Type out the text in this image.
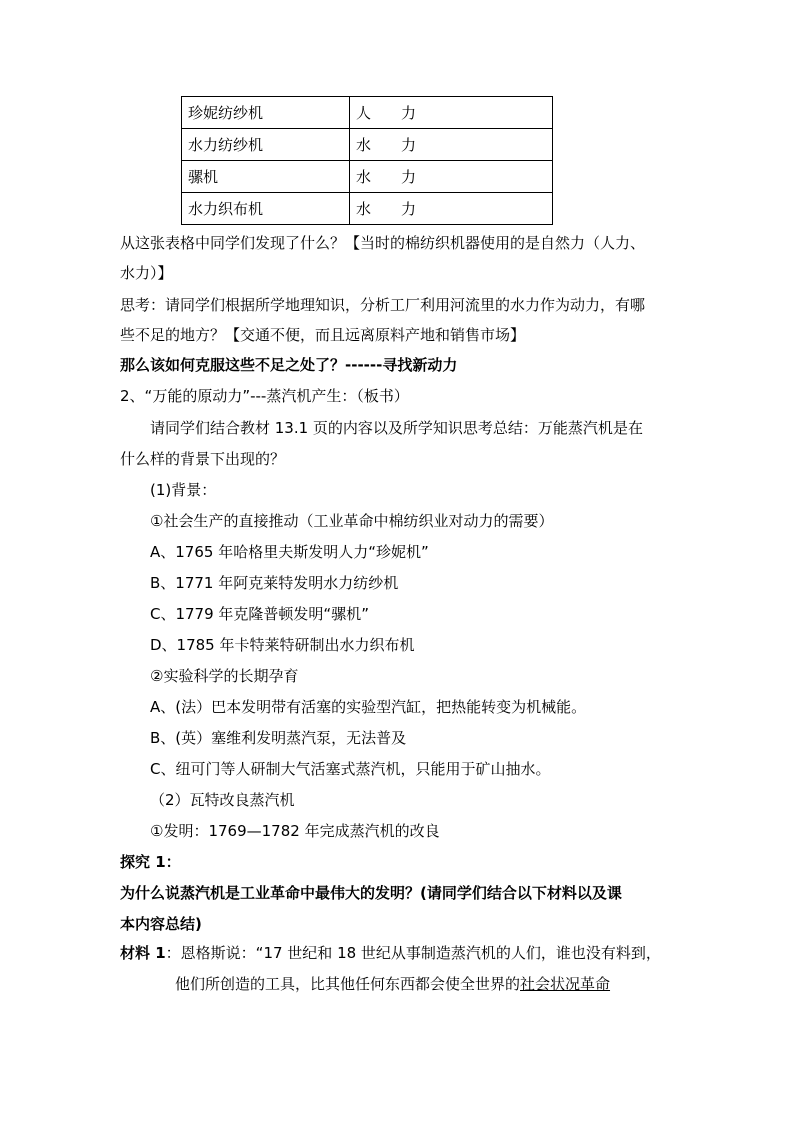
珍妮纺纱机	人　　力
水力纺纱机	水　　力
骡机	水　　力
水力织布机	水　　力
从这张表格中同学们发现了什么？【当时的棉纺织机器使用的是自然力（人力、
水力）】
思考：请同学们根据所学地理知识，分析工厂利用河流里的水力作为动力，有哪
些不足的地方？【交通不便，而且远离原料产地和销售市场】
那么该如何克服这些不足之处了？------寻找新动力
2、“万能的原动力”---蒸汽机产生：（板书）
请同学们结合教材 13.1 页的内容以及所学知识思考总结：万能蒸汽机是在
什么样的背景下出现的？
(1)背景：
①社会生产的直接推动（工业革命中棉纺织业对动力的需要）
A、1765 年哈格里夫斯发明人力“珍妮机”
B、1771 年阿克莱特发明水力纺纱机
C、1779 年克隆普顿发明“骡机”
D、1785 年卡特莱特研制出水力织布机
②实验科学的长期孕育
A、(法）巴本发明带有活塞的实验型汽缸，把热能转变为机械能。
B、(英）塞维利发明蒸汽泵，无法普及
C、纽可门等人研制大气活塞式蒸汽机，只能用于矿山抽水。
（2）瓦特改良蒸汽机
①发明：1769—1782 年完成蒸汽机的改良
探究 1：
为什么说蒸汽机是工业革命中最伟大的发明？(请同学们结合以下材料以及课
本内容总结)
材料 1：恩格斯说：“17 世纪和 18 世纪从事制造蒸汽机的人们，谁也没有料到，
他们所创造的工具，比其他任何东西都会使全世界的社会状况革命
